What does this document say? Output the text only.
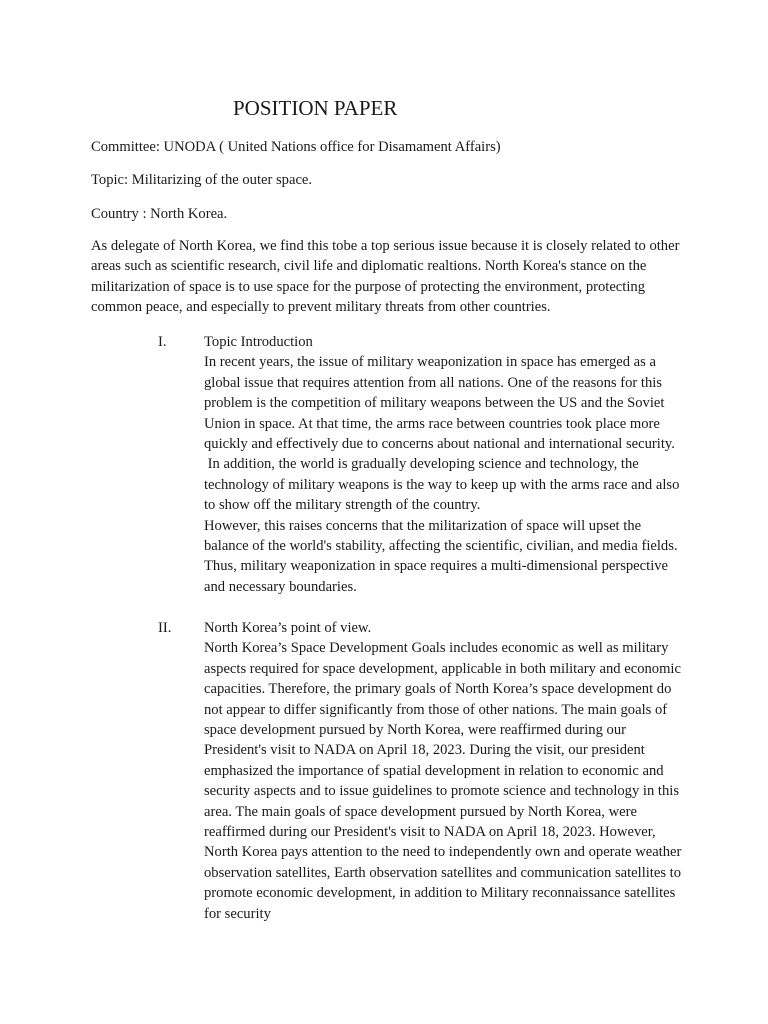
POSITION PAPER
Committee: UNODA ( United Nations office for Disamament Affairs)
Topic: Militarizing of the outer space.
Country : North Korea.

As delegate of North Korea, we find this tobe a top serious issue because it is closely related to other areas such as scientific research, civil life and diplomatic realtions. North Korea's stance on the militarization of space is to use space for the purpose of protecting the environment, protecting common peace, and especially to prevent military threats from other countries.

I.	Topic Introduction

In recent years, the issue of military weaponization in space has emerged as a global issue that requires attention from all nations. One of the reasons for this problem is the competition of military weapons between the US and the Soviet Union in space. At that time, the arms race between countries took place more quickly and effectively due to concerns about national and international security.

In addition, the world is gradually developing science and technology, the technology of military weapons is the way to keep up with the arms race and also to show off the military strength of the country.

However, this raises concerns that the militarization of space will upset the balance of the world's stability, affecting the scientific, civilian, and media fields. Thus, military weaponization in space requires a multi-dimensional perspective and necessary boundaries.

II. North Korea’s point of view.

North Korea’s Space Development Goals includes economic as well as military aspects required for space development, applicable in both military and economic capacities. Therefore, the primary goals of North Korea’s space development do not appear to differ significantly from those of other nations. The main goals of space development pursued by North Korea, were reaffirmed during our President's visit to NADA on April 18, 2023. During the visit, our president emphasized the importance of spatial development in relation to economic and security aspects and to issue guidelines to promote science and technology in this area. The main goals of space development pursued by North Korea, were reaffirmed during our President's visit to NADA on April 18, 2023. However, North Korea pays attention to the need to independently own and operate weather observation satellites, Earth observation satellites and communication satellites to promote economic development, in addition to Military reconnaissance satellites for security
